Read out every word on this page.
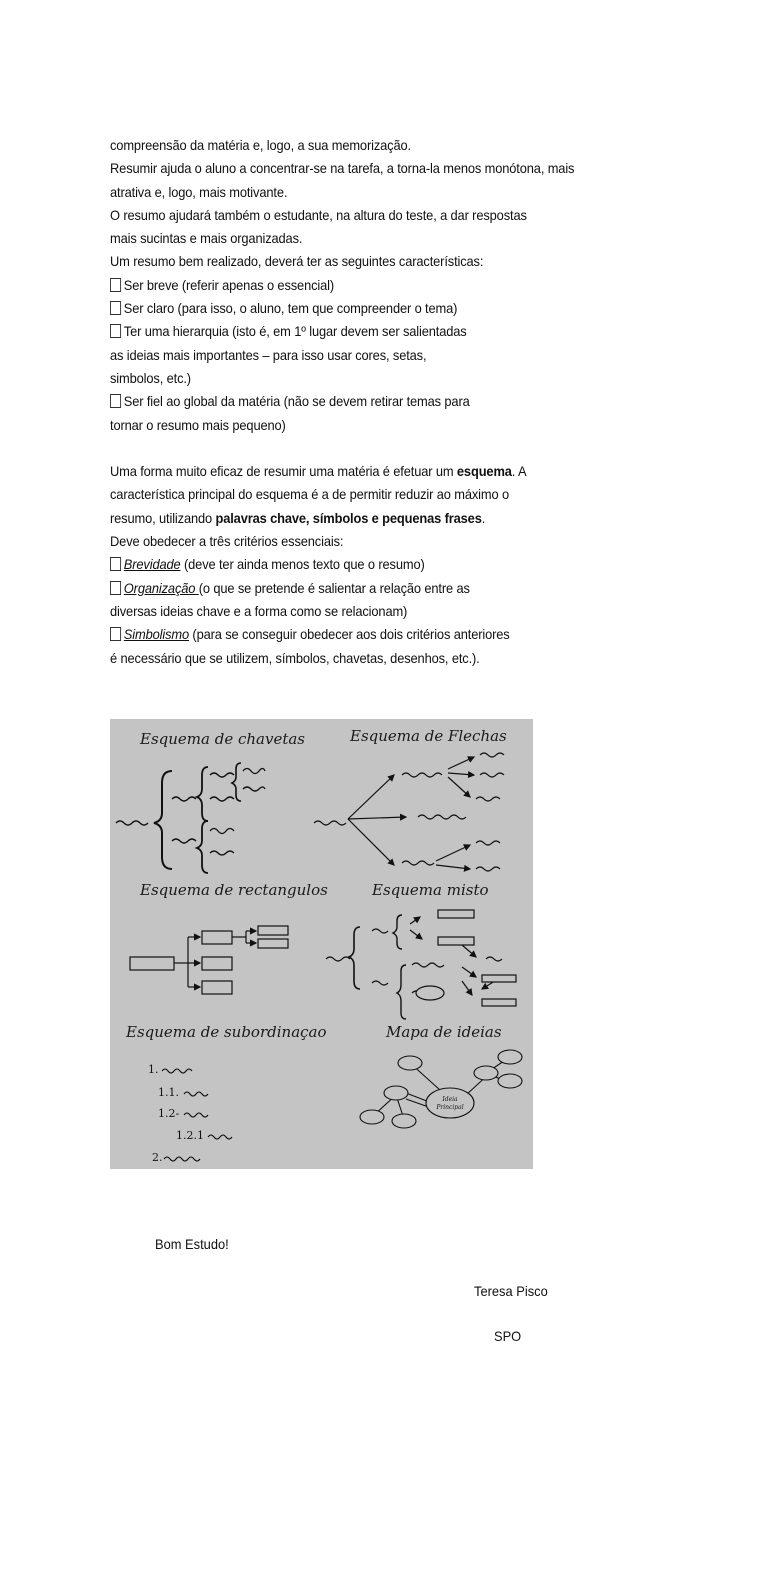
compreensão da matéria e, logo, a sua memorização.
Resumir ajuda o aluno a concentrar-se na tarefa, a torna-la menos monótona, mais
atrativa e, logo, mais motivante.
O resumo ajudará também o estudante, na altura do teste, a dar respostas
mais sucintas e mais organizadas.
Um resumo bem realizado, deverá ter as seguintes características:
Ser breve (referir apenas o essencial)
Ser claro (para isso, o aluno, tem que compreender o tema)
Ter uma hierarquia (isto é, em 1º lugar devem ser salientadas
as ideias mais importantes – para isso usar cores, setas,
simbolos, etc.)
Ser fiel ao global da matéria (não se devem retirar temas para
tornar o resumo mais pequeno)
Uma forma muito eficaz de resumir uma matéria é efetuar um esquema. A
característica principal do esquema é a de permitir reduzir ao máximo o
resumo, utilizando palavras chave, símbolos e pequenas frases.
Deve obedecer a três critérios essenciais:
Brevidade (deve ter ainda menos texto que o resumo)
Organização (o que se pretende é salientar a relação entre as
diversas ideias chave e a forma como se relacionam)
Simbolismo (para se conseguir obedecer aos dois critérios anteriores
é necessário que se utilizem, símbolos, chavetas, desenhos, etc.).
Esquema de chavetas	Esquema de Flechas
Esquema de rectangulos	Esquema misto
Esquema de subordinaçao	Mapa de ideias
1.
1.1.
1.2-
1.2.1
2.
Ideia
Principal
Bom Estudo!
Teresa Pisco
SPO
